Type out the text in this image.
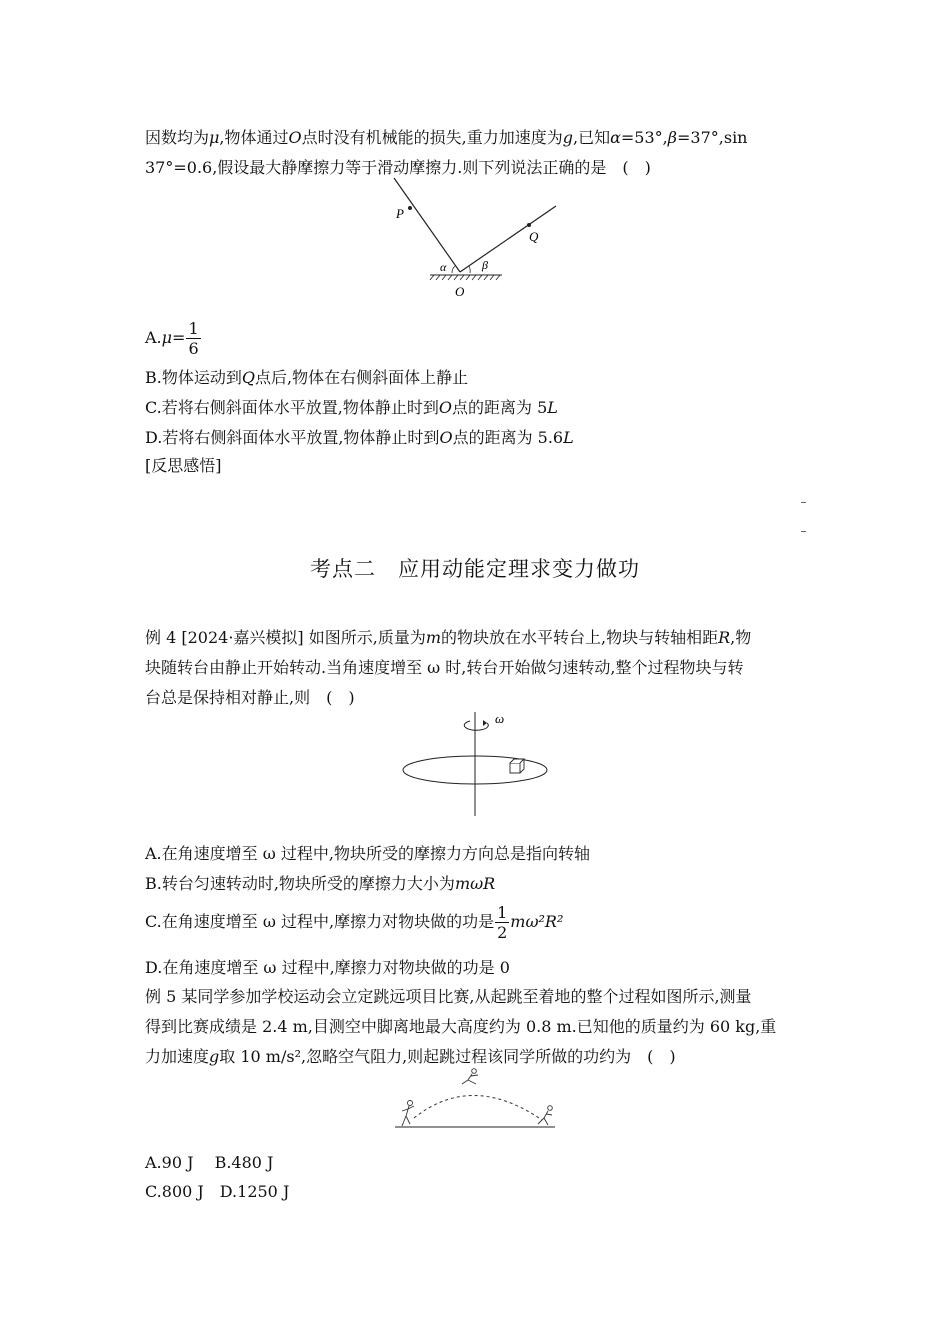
因数均为μ,物体通过O点时没有机械能的损失,重力加速度为g,已知α=53°,β=37°,sin
37°=0.6,假设最大静摩擦力等于滑动摩擦力.则下列说法正确的是　(　)
P
Q
O
α	β
$A.\mu= \frac{1}{6}$
B.物体运动到Q点后,物体在右侧斜面体上静止
C.若将右侧斜面体水平放置,物体静止时到O点的距离为 5L
D.若将右侧斜面体水平放置,物体静止时到O点的距离为 5.6L
[反思感悟]
考点二　应用动能定理求变力做功
例 4 [2024·嘉兴模拟] 如图所示,质量为m的物块放在水平转台上,物块与转轴相距R,物
块随转台由静止开始转动.当角速度增至 ω 时,转台开始做匀速转动,整个过程物块与转
台总是保持相对静止,则　(　)
ω
A.在角速度增至 ω 过程中,物块所受的摩擦力方向总是指向转轴
B.转台匀速转动时,物块所受的摩擦力大小为mωR
C.在角速度增至 ω 过程中,摩擦力对物块做的功是 $\frac{1}{2} m\omega^2R^2$
D.在角速度增至 ω 过程中,摩擦力对物块做的功是 0
例 5 某同学参加学校运动会立定跳远项目比赛,从起跳至着地的整个过程如图所示,测量
得到比赛成绩是 2.4 m,目测空中脚离地最大高度约为 0.8 m.已知他的质量约为 60 kg,重
力加速度g取 10 m/s²,忽略空气阻力,则起跳过程该同学所做的功约为　(　)
A.90 J　 B.480 J
C.800 J　D.1250 J
